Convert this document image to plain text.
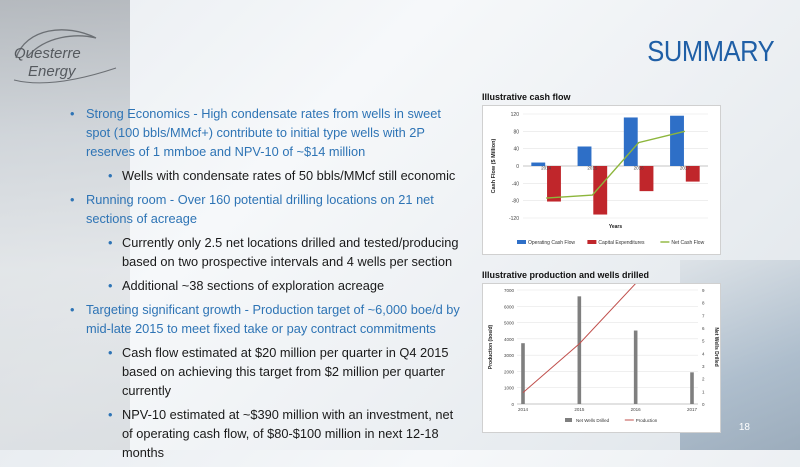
Questerre
Energy
SUMMARY
• Strong Economics - High condensate rates from wells in sweet spot (100 bbls/MMcf+) contribute to initial type wells with 2P reserves of 1 mmboe and NPV-10 of ~$14 million
• Wells with condensate rates of 50 bbls/MMcf still economic
• Running room - Over 160 potential drilling locations on 21 net sections of acreage
• Currently only 2.5 net locations drilled and tested/producing based on two prospective intervals and 4 wells per section
• Additional ~38 sections of exploration acreage
• Targeting significant growth - Production target of ~6,000 boe/d by mid-late 2015 to meet fixed take or pay contract commitments
• Cash flow estimated at $20 million per quarter in Q4 2015 based on achieving this target from $2 million per quarter currently
• NPV-10 estimated at ~$390 million with an investment, net of operating cash flow, of $80-$100 million in next 12-18 months
Illustrative cash flow
-120
-80
-40
0
40
80
120
2014	2015	2016	2017
Cash Flow ($ Million)
Years
Operating Cash Flow	Capital Expenditures	Net Cash Flow
Illustrative production and wells drilled
0
1000
2000
3000
4000
5000
6000
7000
0
1
2
3
4
5
6
7
8
9
2014	2015	2016	2017
Production (boe/d)	Net Wells Drilled
Net Wells Drilled	Production
18
